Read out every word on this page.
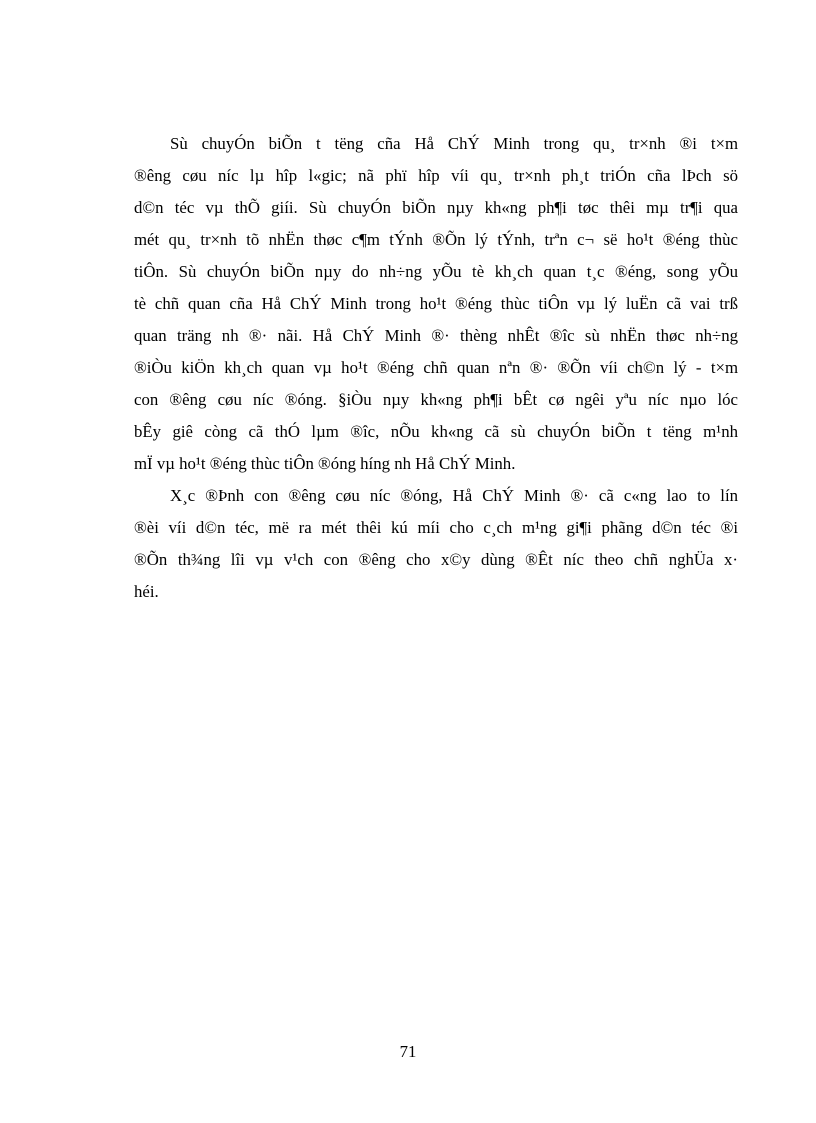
Sù chuyÓn biÕn t tëng cña Hå ChÝ Minh trong qu¸ tr×nh ®i t×m
®êng cøu níc lµ hîp l«gic; nã phï hîp víi qu¸ tr×nh ph¸t triÓn cña lÞch sö
d©n téc vµ thÕ giíi. Sù chuyÓn biÕn nµy kh«ng ph¶i tøc thêi mµ tr¶i qua
mét qu¸ tr×nh tõ nhËn thøc c¶m tÝnh ®Õn lý tÝnh, trªn c¬ së ho¹t ®éng thùc
tiÔn. Sù chuyÓn biÕn nµy do nh÷ng yÕu tè kh¸ch quan t¸c ®éng, song yÕu
tè chñ quan cña Hå ChÝ Minh trong ho¹t ®éng thùc tiÔn vµ lý luËn cã vai trß
quan träng nh ®· nãi. Hå ChÝ Minh ®· thèng nhÊt ®îc sù nhËn thøc nh÷ng
®iÒu kiÖn kh¸ch quan vµ ho¹t ®éng chñ quan nªn ®· ®Õn víi ch©n lý - t×m
con ®êng cøu níc ®óng. §iÒu nµy kh«ng ph¶i bÊt cø ngêi yªu níc nµo lóc
bÊy giê còng cã thÓ lµm ®îc, nÕu kh«ng cã sù chuyÓn biÕn t tëng m¹nh
mÏ vµ ho¹t ®éng thùc tiÔn ®óng híng nh Hå ChÝ Minh.
X¸c ®Þnh con ®êng cøu níc ®óng, Hå ChÝ Minh ®· cã c«ng lao to lín
®èi víi d©n téc, më ra mét thêi kú míi cho c¸ch m¹ng gi¶i phãng d©n téc ®i
®Õn th¾ng lîi vµ v¹ch con ®êng cho x©y dùng ®Êt níc theo chñ nghÜa x·
héi.
71
